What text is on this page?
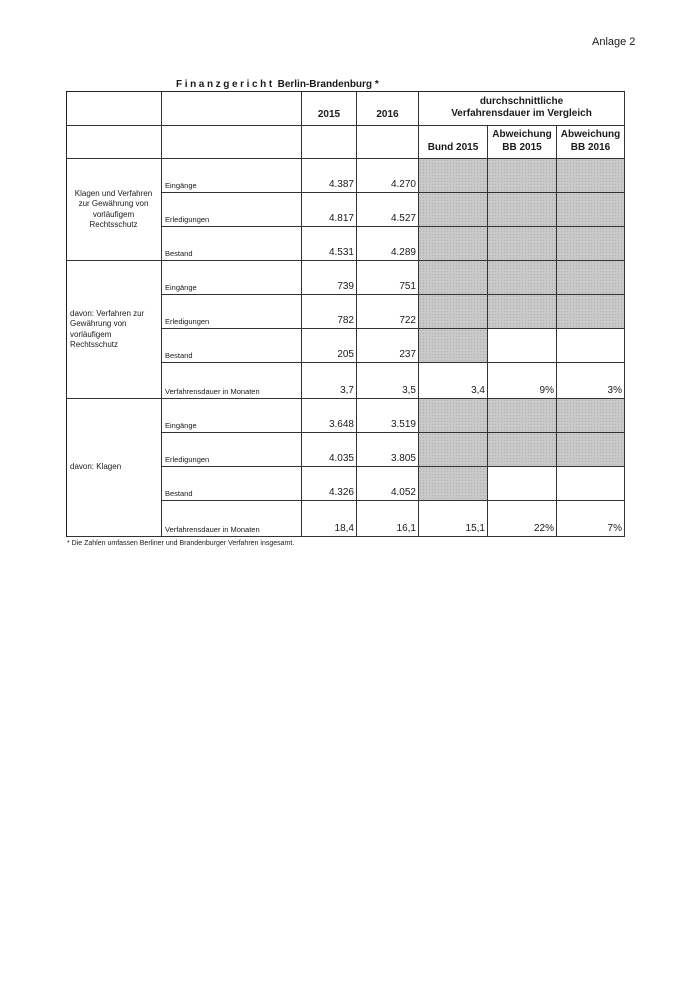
Anlage 2
Finanzgericht Berlin-Brandenburg *
2015	2016
durchschnittliche Verfahrensdauer im Vergleich
Bund 2015
Abweichung BB 2015
Abweichung BB 2016
Klagen und Verfahren zur Gewährung von vorläufigem Rechtsschutz
Eingänge	4.387	4.270
Erledigungen	4.817	4.527
Bestand	4.531	4.289
davon: Verfahren zur Gewährung von vorläufigem Rechtsschutz
Eingänge	739	751
Erledigungen	782	722
Bestand	205	237
Verfahrensdauer in Monaten	3,7	3,5	3,4	9%	3%
davon: Klagen
Eingänge	3.648	3.519
Erledigungen	4.035	3.805
Bestand	4.326	4.052
Verfahrensdauer in Monaten	18,4	16,1	15,1	22%	7%
* Die Zahlen umfassen Berliner und Brandenburger Verfahren insgesamt.
